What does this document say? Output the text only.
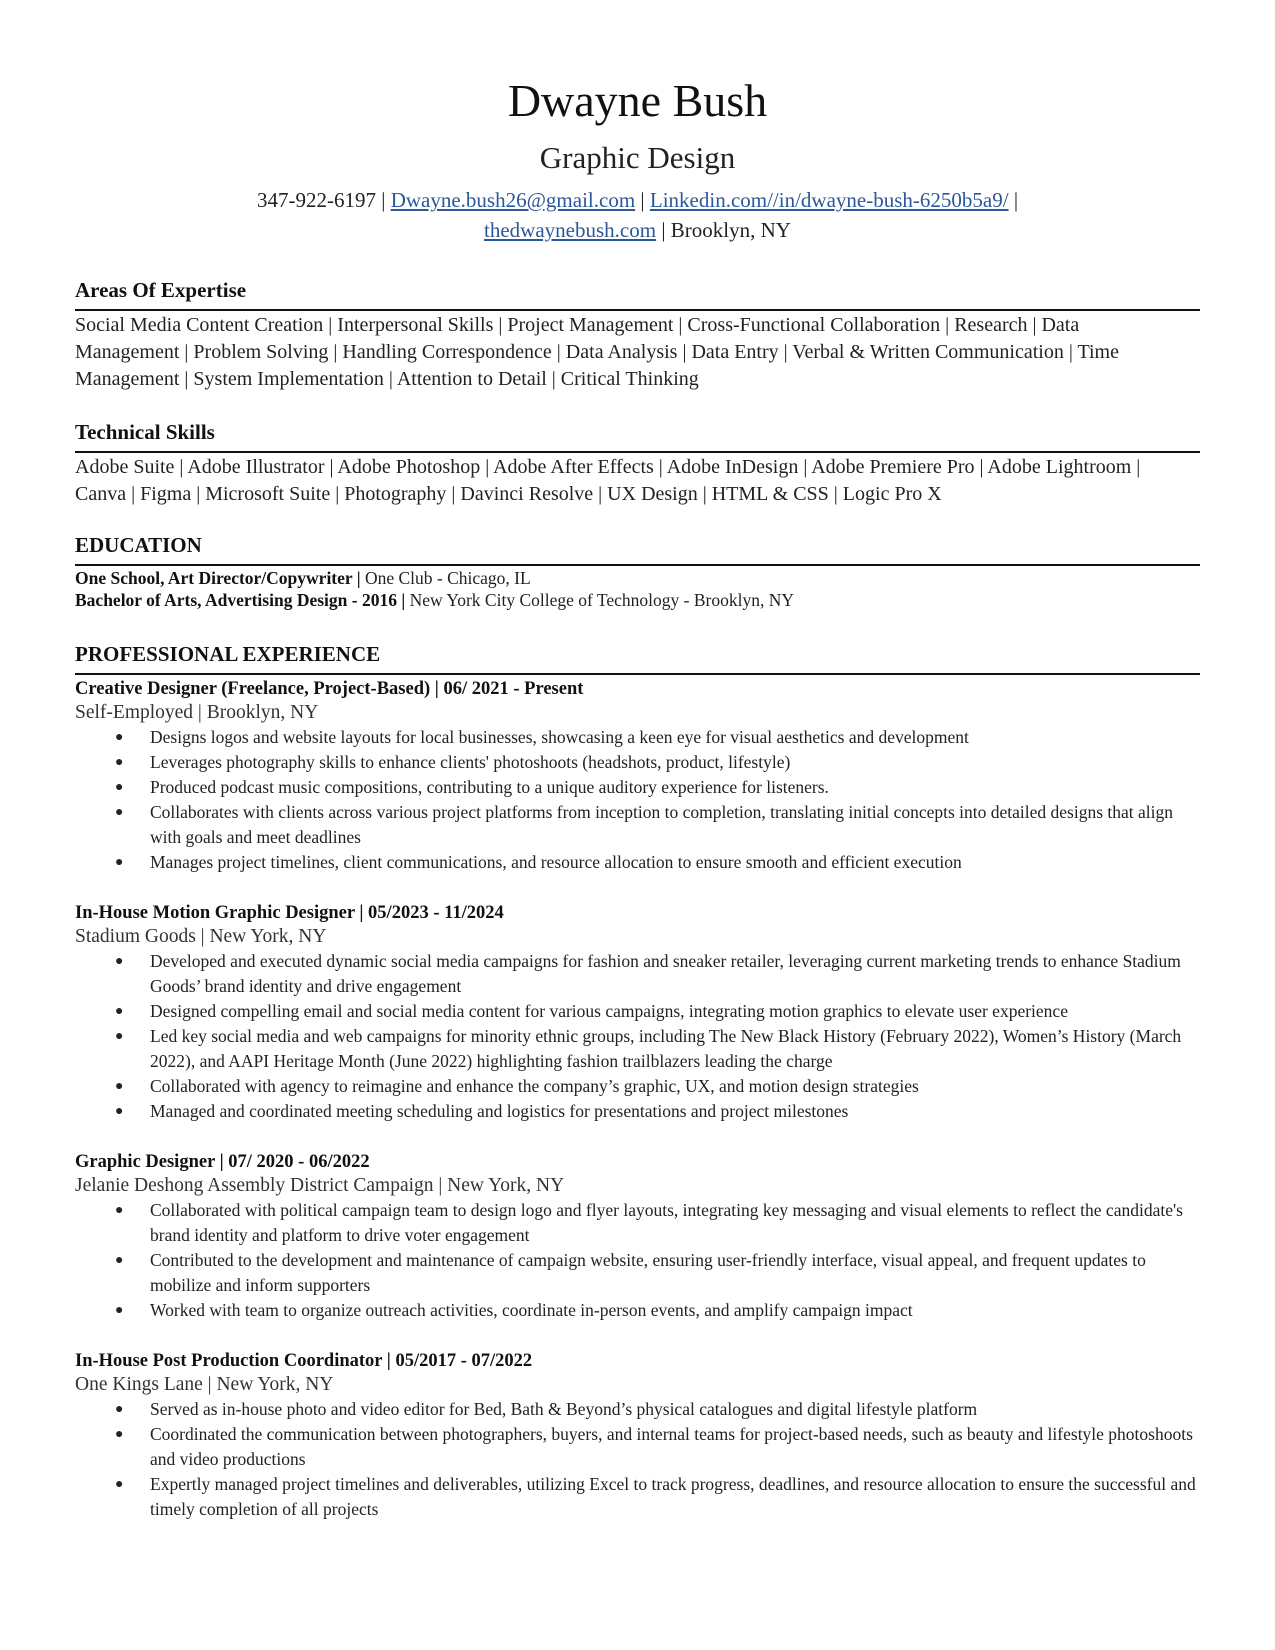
Dwayne Bush
Graphic Design
347-922-6197 | Dwayne.bush26@gmail.com | Linkedin.com//in/dwayne-bush-6250b5a9/ |
thedwaynebush.com | Brooklyn, NY
Areas Of Expertise
Social Media Content Creation | Interpersonal Skills | Project Management | Cross-Functional Collaboration | Research | Data
Management | Problem Solving | Handling Correspondence | Data Analysis | Data Entry | Verbal & Written Communication | Time
Management | System Implementation | Attention to Detail | Critical Thinking
Technical Skills
Adobe Suite | Adobe Illustrator | Adobe Photoshop | Adobe After Effects | Adobe InDesign | Adobe Premiere Pro | Adobe Lightroom |
Canva | Figma | Microsoft Suite | Photography | Davinci Resolve | UX Design | HTML & CSS | Logic Pro X
EDUCATION
One School, Art Director/Copywriter | One Club - Chicago, IL
Bachelor of Arts, Advertising Design - 2016 | New York City College of Technology - Brooklyn, NY
PROFESSIONAL EXPERIENCE
Creative Designer (Freelance, Project-Based) | 06/ 2021 - Present
Self-Employed | Brooklyn, NY
● Designs logos and website layouts for local businesses, showcasing a keen eye for visual aesthetics and development
● Leverages photography skills to enhance clients' photoshoots (headshots, product, lifestyle)
● Produced podcast music compositions, contributing to a unique auditory experience for listeners.
● Collaborates with clients across various project platforms from inception to completion, translating initial concepts into detailed designs that align with goals and meet deadlines
● Manages project timelines, client communications, and resource allocation to ensure smooth and efficient execution
In-House Motion Graphic Designer | 05/2023 - 11/2024
Stadium Goods | New York, NY
● Developed and executed dynamic social media campaigns for fashion and sneaker retailer, leveraging current marketing trends to enhance Stadium Goods’ brand identity and drive engagement
● Designed compelling email and social media content for various campaigns, integrating motion graphics to elevate user experience
● Led key social media and web campaigns for minority ethnic groups, including The New Black History (February 2022), Women’s History (March 2022), and AAPI Heritage Month (June 2022) highlighting fashion trailblazers leading the charge
● Collaborated with agency to reimagine and enhance the company’s graphic, UX, and motion design strategies
● Managed and coordinated meeting scheduling and logistics for presentations and project milestones
Graphic Designer | 07/ 2020 - 06/2022
Jelanie Deshong Assembly District Campaign | New York, NY
● Collaborated with political campaign team to design logo and flyer layouts, integrating key messaging and visual elements to reflect the candidate's brand identity and platform to drive voter engagement
● Contributed to the development and maintenance of campaign website, ensuring user-friendly interface, visual appeal, and frequent updates to mobilize and inform supporters
● Worked with team to organize outreach activities, coordinate in-person events, and amplify campaign impact
In-House Post Production Coordinator | 05/2017 - 07/2022
One Kings Lane | New York, NY
● Served as in-house photo and video editor for Bed, Bath & Beyond’s physical catalogues and digital lifestyle platform
● Coordinated the communication between photographers, buyers, and internal teams for project-based needs, such as beauty and lifestyle photoshoots and video productions
● Expertly managed project timelines and deliverables, utilizing Excel to track progress, deadlines, and resource allocation to ensure the successful and timely completion of all projects
